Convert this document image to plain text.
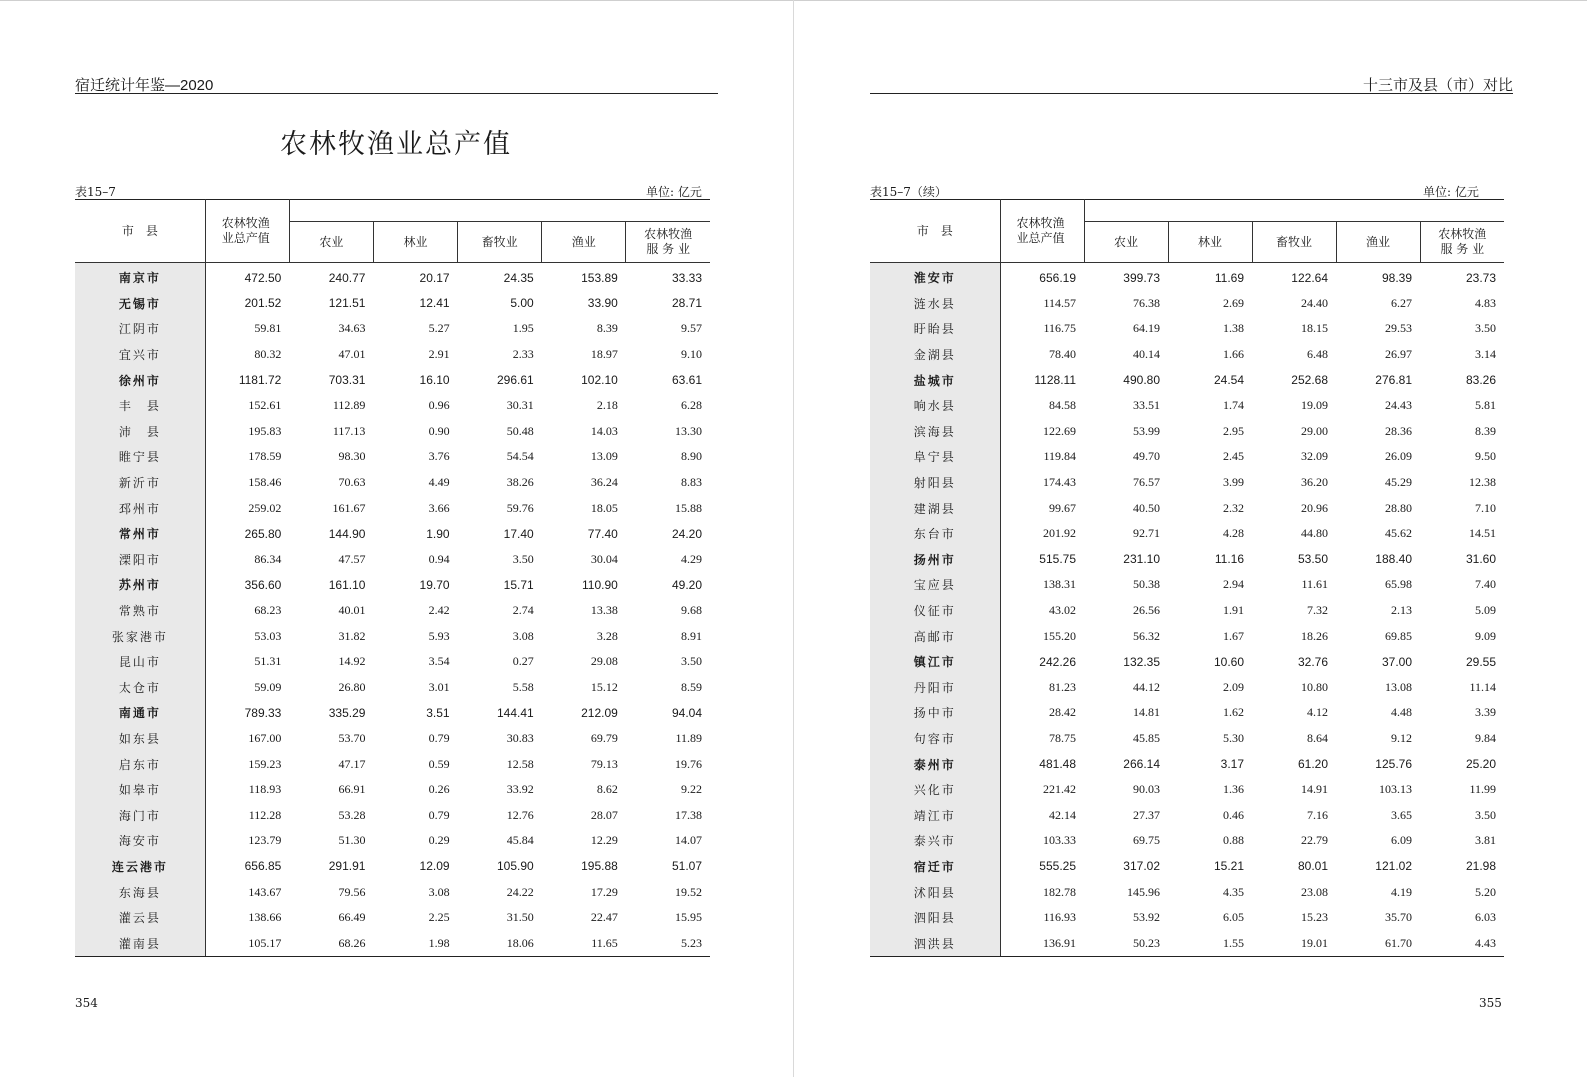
宿迁统计年鉴—2020
农林牧渔业总产值
表15–7	单位: 亿元
市　县	农林牧渔
业总产值					
		农业	林业	畜牧业	渔业	农林牧渔
服 务 业
南京市	472.50	240.77	20.17	24.35	153.89	33.33
无锡市	201.52	121.51	12.41	5.00	33.90	28.71
江阴市	59.81	34.63	5.27	1.95	8.39	9.57
宜兴市	80.32	47.01	2.91	2.33	18.97	9.10
徐州市	1181.72	703.31	16.10	296.61	102.10	63.61
丰　县	152.61	112.89	0.96	30.31	2.18	6.28
沛　县	195.83	117.13	0.90	50.48	14.03	13.30
睢宁县	178.59	98.30	3.76	54.54	13.09	8.90
新沂市	158.46	70.63	4.49	38.26	36.24	8.83
邳州市	259.02	161.67	3.66	59.76	18.05	15.88
常州市	265.80	144.90	1.90	17.40	77.40	24.20
溧阳市	86.34	47.57	0.94	3.50	30.04	4.29
苏州市	356.60	161.10	19.70	15.71	110.90	49.20
常熟市	68.23	40.01	2.42	2.74	13.38	9.68
张家港市	53.03	31.82	5.93	3.08	3.28	8.91
昆山市	51.31	14.92	3.54	0.27	29.08	3.50
太仓市	59.09	26.80	3.01	5.58	15.12	8.59
南通市	789.33	335.29	3.51	144.41	212.09	94.04
如东县	167.00	53.70	0.79	30.83	69.79	11.89
启东市	159.23	47.17	0.59	12.58	79.13	19.76
如皋市	118.93	66.91	0.26	33.92	8.62	9.22
海门市	112.28	53.28	0.79	12.76	28.07	17.38
海安市	123.79	51.30	0.29	45.84	12.29	14.07
连云港市	656.85	291.91	12.09	105.90	195.88	51.07
东海县	143.67	79.56	3.08	24.22	17.29	19.52
灌云县	138.66	66.49	2.25	31.50	22.47	15.95
灌南县	105.17	68.26	1.98	18.06	11.65	5.23
354
十三市及县（市）对比
表15–7（续）	单位: 亿元
市　县	农林牧渔
业总产值					
		农业	林业	畜牧业	渔业	农林牧渔
服 务 业
淮安市	656.19	399.73	11.69	122.64	98.39	23.73
涟水县	114.57	76.38	2.69	24.40	6.27	4.83
盱眙县	116.75	64.19	1.38	18.15	29.53	3.50
金湖县	78.40	40.14	1.66	6.48	26.97	3.14
盐城市	1128.11	490.80	24.54	252.68	276.81	83.26
响水县	84.58	33.51	1.74	19.09	24.43	5.81
滨海县	122.69	53.99	2.95	29.00	28.36	8.39
阜宁县	119.84	49.70	2.45	32.09	26.09	9.50
射阳县	174.43	76.57	3.99	36.20	45.29	12.38
建湖县	99.67	40.50	2.32	20.96	28.80	7.10
东台市	201.92	92.71	4.28	44.80	45.62	14.51
扬州市	515.75	231.10	11.16	53.50	188.40	31.60
宝应县	138.31	50.38	2.94	11.61	65.98	7.40
仪征市	43.02	26.56	1.91	7.32	2.13	5.09
高邮市	155.20	56.32	1.67	18.26	69.85	9.09
镇江市	242.26	132.35	10.60	32.76	37.00	29.55
丹阳市	81.23	44.12	2.09	10.80	13.08	11.14
扬中市	28.42	14.81	1.62	4.12	4.48	3.39
句容市	78.75	45.85	5.30	8.64	9.12	9.84
泰州市	481.48	266.14	3.17	61.20	125.76	25.20
兴化市	221.42	90.03	1.36	14.91	103.13	11.99
靖江市	42.14	27.37	0.46	7.16	3.65	3.50
泰兴市	103.33	69.75	0.88	22.79	6.09	3.81
宿迁市	555.25	317.02	15.21	80.01	121.02	21.98
沭阳县	182.78	145.96	4.35	23.08	4.19	5.20
泗阳县	116.93	53.92	6.05	15.23	35.70	6.03
泗洪县	136.91	50.23	1.55	19.01	61.70	4.43
355
